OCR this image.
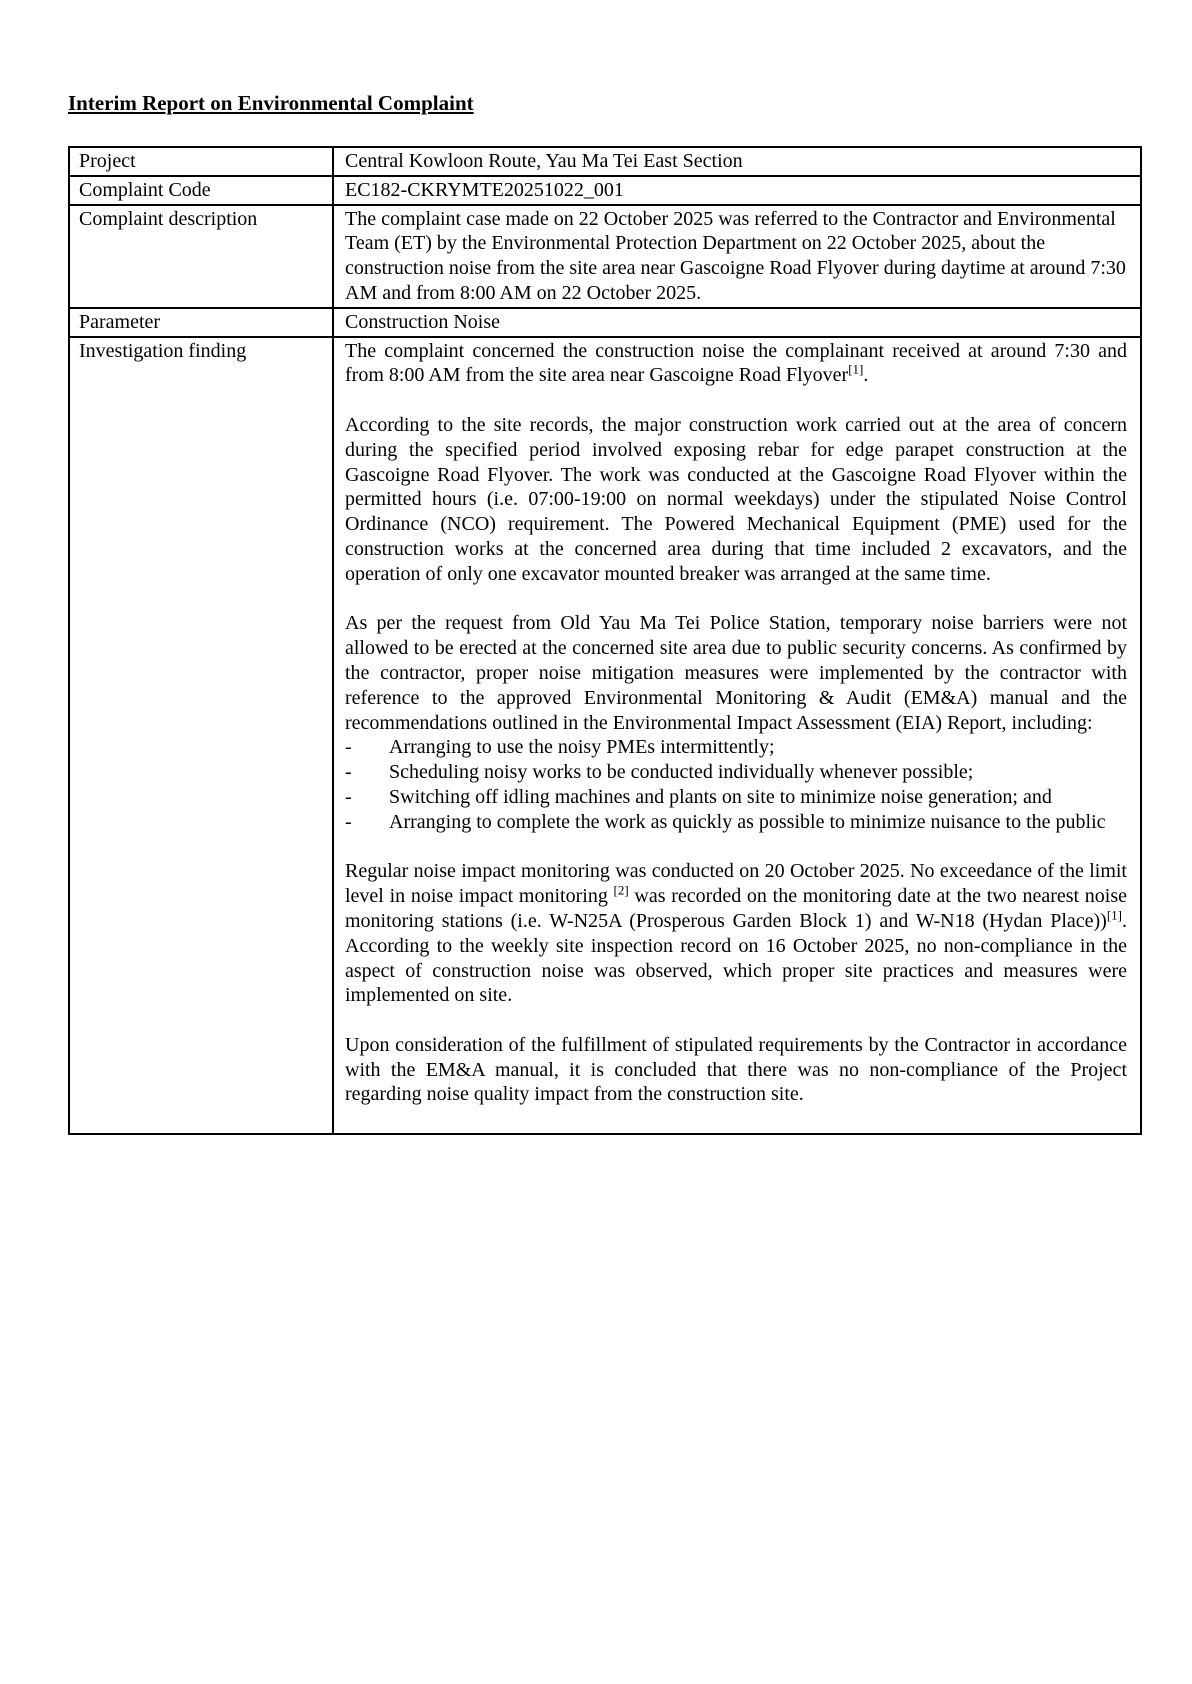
Interim Report on Environmental Complaint
Project	Central Kowloon Route, Yau Ma Tei East Section

Complaint Code	EC182-CKRYMTE20251022_001

Complaint description	The complaint case made on 22 October 2025 was referred to the Contractor and Environmental Team (ET) by the Environmental Protection Department on 22 October 2025, about the construction noise from the site area near Gascoigne Road Flyover during daytime at around 7:30 AM and from 8:00 AM on 22 October 2025.

Parameter	Construction Noise

Investigation finding	The complaint concerned the construction noise the complainant received at around 7:30 and from 8:00 AM from the site area near Gascoigne Road Flyover[1].
According to the site records, the major construction work carried out at the area of concern during the specified period involved exposing rebar for edge parapet construction at the Gascoigne Road Flyover. The work was conducted at the Gascoigne Road Flyover within the permitted hours (i.e. 07:00-19:00 on normal weekdays) under the stipulated Noise Control Ordinance (NCO) requirement. The Powered Mechanical Equipment (PME) used for the construction works at the concerned area during that time included 2 excavators, and the operation of only one excavator mounted breaker was arranged at the same time.
As per the request from Old Yau Ma Tei Police Station, temporary noise barriers were not allowed to be erected at the concerned site area due to public security concerns. As confirmed by the contractor, proper noise mitigation measures were implemented by the contractor with reference to the approved Environmental Monitoring & Audit (EM&A) manual and the recommendations outlined in the Environmental Impact Assessment (EIA) Report, including:
-	Arranging to use the noisy PMEs intermittently;
-	Scheduling noisy works to be conducted individually whenever possible;
-	Switching off idling machines and plants on site to minimize noise generation; and
-	Arranging to complete the work as quickly as possible to minimize nuisance to the public
Regular noise impact monitoring was conducted on 20 October 2025. No exceedance of the limit level in noise impact monitoring [2] was recorded on the monitoring date at the two nearest noise monitoring stations (i.e. W-N25A (Prosperous Garden Block 1) and W-N18 (Hydan Place))[1]. According to the weekly site inspection record on 16 October 2025, no non-compliance in the aspect of construction noise was observed, which proper site practices and measures were implemented on site.
Upon consideration of the fulfillment of stipulated requirements by the Contractor in accordance with the EM&A manual, it is concluded that there was no non-compliance of the Project regarding noise quality impact from the construction site.
